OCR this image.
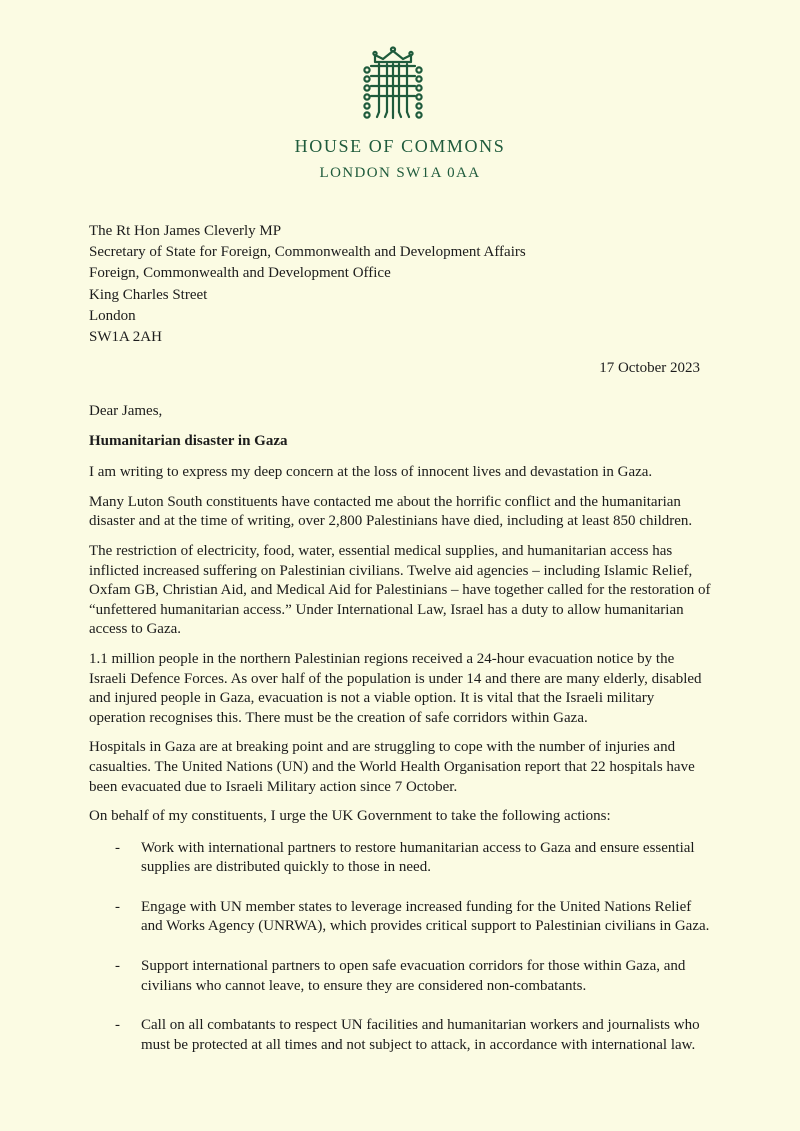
HOUSE OF COMMONS
LONDON SW1A 0AA
The Rt Hon James Cleverly MP
Secretary of State for Foreign, Commonwealth and Development Affairs
Foreign, Commonwealth and Development Office
King Charles Street
London
SW1A 2AH
17 October 2023

Dear James,

Humanitarian disaster in Gaza

I am writing to express my deep concern at the loss of innocent lives and devastation in Gaza.

Many Luton South constituents have contacted me about the horrific conflict and the humanitarian disaster and at the time of writing, over 2,800 Palestinians have died, including at least 850 children.

The restriction of electricity, food, water, essential medical supplies, and humanitarian access has inflicted increased suffering on Palestinian civilians. Twelve aid agencies – including Islamic Relief, Oxfam GB, Christian Aid, and Medical Aid for Palestinians – have together called for the restoration of “unfettered humanitarian access.” Under International Law, Israel has a duty to allow humanitarian access to Gaza.

1.1 million people in the northern Palestinian regions received a 24-hour evacuation notice by the Israeli Defence Forces. As over half of the population is under 14 and there are many elderly, disabled and injured people in Gaza, evacuation is not a viable option. It is vital that the Israeli military operation recognises this. There must be the creation of safe corridors within Gaza.

Hospitals in Gaza are at breaking point and are struggling to cope with the number of injuries and casualties. The United Nations (UN) and the World Health Organisation report that 22 hospitals have been evacuated due to Israeli Military action since 7 October.

On behalf of my constituents, I urge the UK Government to take the following actions:

- Work with international partners to restore humanitarian access to Gaza and ensure essential supplies are distributed quickly to those in need.
- Engage with UN member states to leverage increased funding for the United Nations Relief and Works Agency (UNRWA), which provides critical support to Palestinian civilians in Gaza.
- Support international partners to open safe evacuation corridors for those within Gaza, and civilians who cannot leave, to ensure they are considered non-combatants.
- Call on all combatants to respect UN facilities and humanitarian workers and journalists who must be protected at all times and not subject to attack, in accordance with international law.
